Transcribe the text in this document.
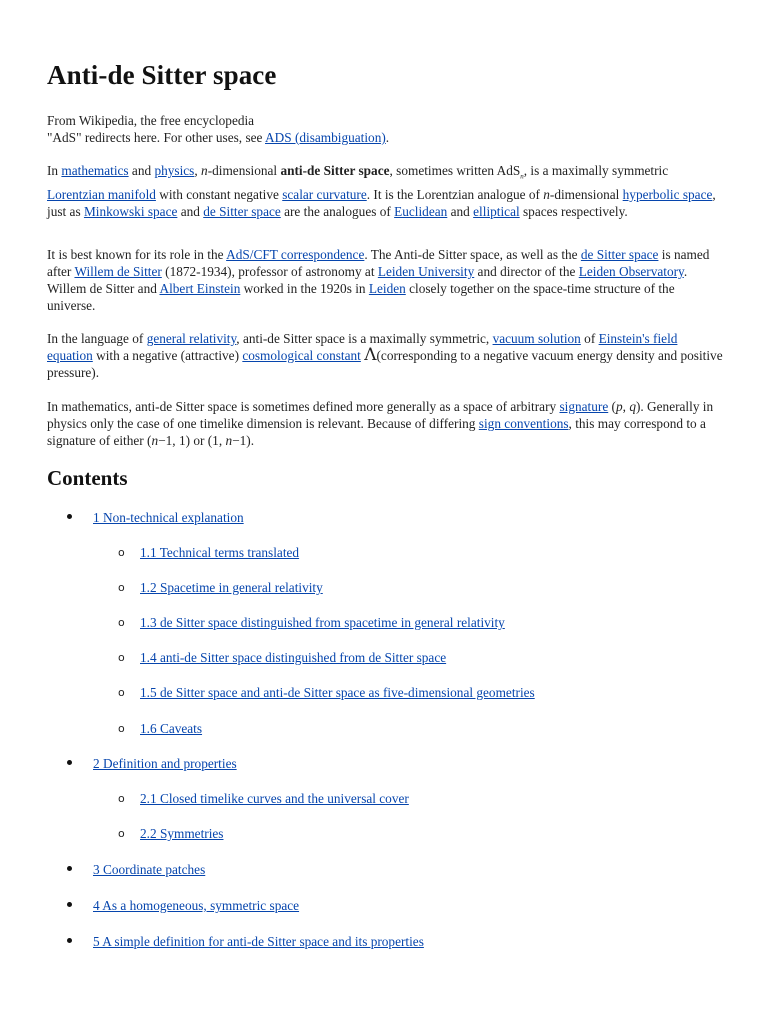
Anti-de Sitter space
From Wikipedia, the free encyclopedia
"AdS" redirects here. For other uses, see ADS (disambiguation).

In mathematics and physics, n-dimensional anti-de Sitter space, sometimes written AdS$_n$, is a maximally symmetric Lorentzian manifold with constant negative scalar curvature. It is the Lorentzian analogue of n-dimensional hyperbolic space, just as Minkowski space and de Sitter space are the analogues of Euclidean and elliptical spaces respectively.

It is best known for its role in the AdS/CFT correspondence. The Anti-de Sitter space, as well as the de Sitter space is named after Willem de Sitter (1872-1934), professor of astronomy at Leiden University and director of the Leiden Observatory. Willem de Sitter and Albert Einstein worked in the 1920s in Leiden closely together on the space-time structure of the universe.

In the language of general relativity, anti-de Sitter space is a maximally symmetric, vacuum solution of Einstein's field equation with a negative (attractive) cosmological constant Λ(corresponding to a negative vacuum energy density and positive pressure).

In mathematics, anti-de Sitter space is sometimes defined more generally as a space of arbitrary signature (p, q). Generally in physics only the case of one timelike dimension is relevant. Because of differing sign conventions, this may correspond to a signature of either (n−1, 1) or (1, n−1).

Contents
1 Non-technical explanation
o 1.1 Technical terms translated
o 1.2 Spacetime in general relativity
o 1.3 de Sitter space distinguished from spacetime in general relativity
o 1.4 anti-de Sitter space distinguished from de Sitter space
o 1.5 de Sitter space and anti-de Sitter space as five-dimensional geometries
o 1.6 Caveats
2 Definition and properties
o 2.1 Closed timelike curves and the universal cover
o 2.2 Symmetries
3 Coordinate patches
4 As a homogeneous, symmetric space
5 A simple definition for anti-de Sitter space and its properties
